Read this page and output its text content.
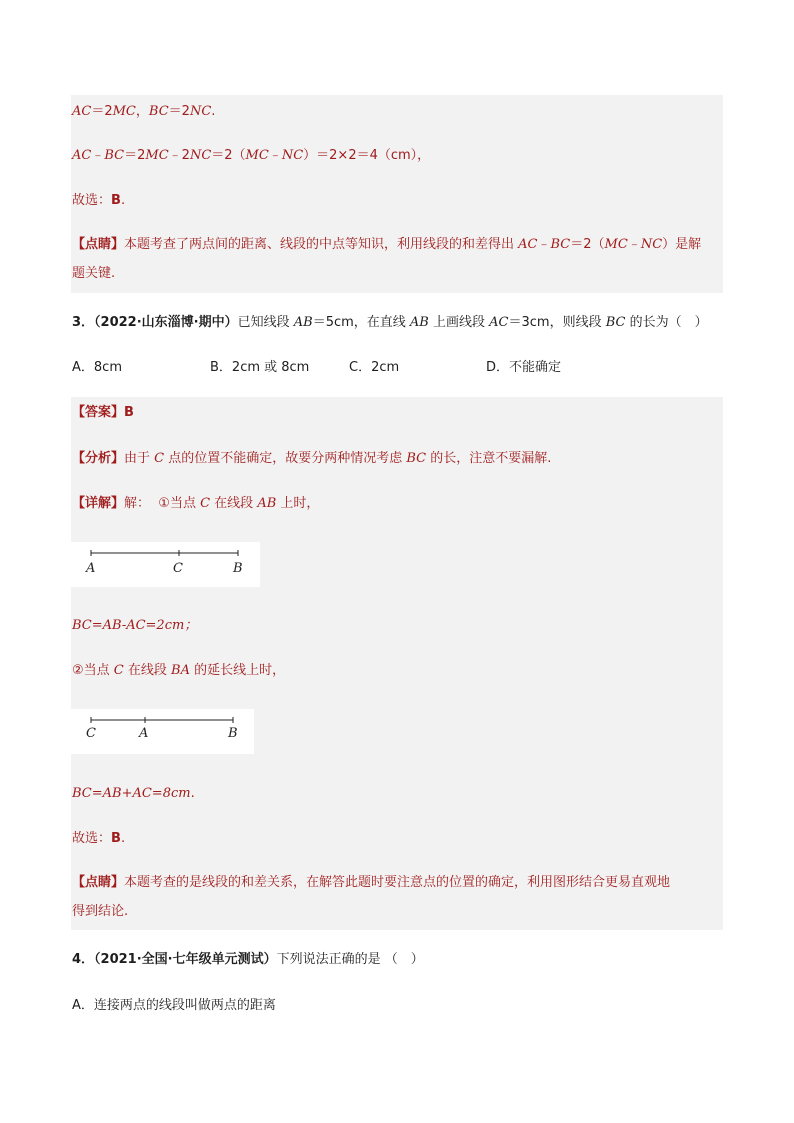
AC＝2MC，BC＝2NC.
AC﹣BC＝2MC﹣2NC＝2（MC﹣NC）＝2×2＝4（cm），
故选：B.
【点睛】本题考查了两点间的距离、线段的中点等知识，利用线段的和差得出 AC﹣BC＝2（MC﹣NC）是解
题关键.
3．（2022·山东淄博·期中）已知线段 AB＝5cm，在直线 AB 上画线段 AC＝3cm，则线段 BC 的长为（　）
A．8cm	B．2cm 或 8cm	C．2cm	D．不能确定
【答案】B
【分析】由于 C 点的位置不能确定，故要分两种情况考虑 BC 的长，注意不要漏解.
【详解】解： ①当点 C 在线段 AB 上时，
A	C	B
BC=AB-AC=2cm；
②当点 C 在线段 BA 的延长线上时，
C	A	B
BC=AB+AC=8cm.
故选：B.
【点睛】本题考查的是线段的和差关系，在解答此题时要注意点的位置的确定，利用图形结合更易直观地
得到结论.
4．（2021·全国·七年级单元测试）下列说法正确的是 （　）
A．连接两点的线段叫做两点的距离
